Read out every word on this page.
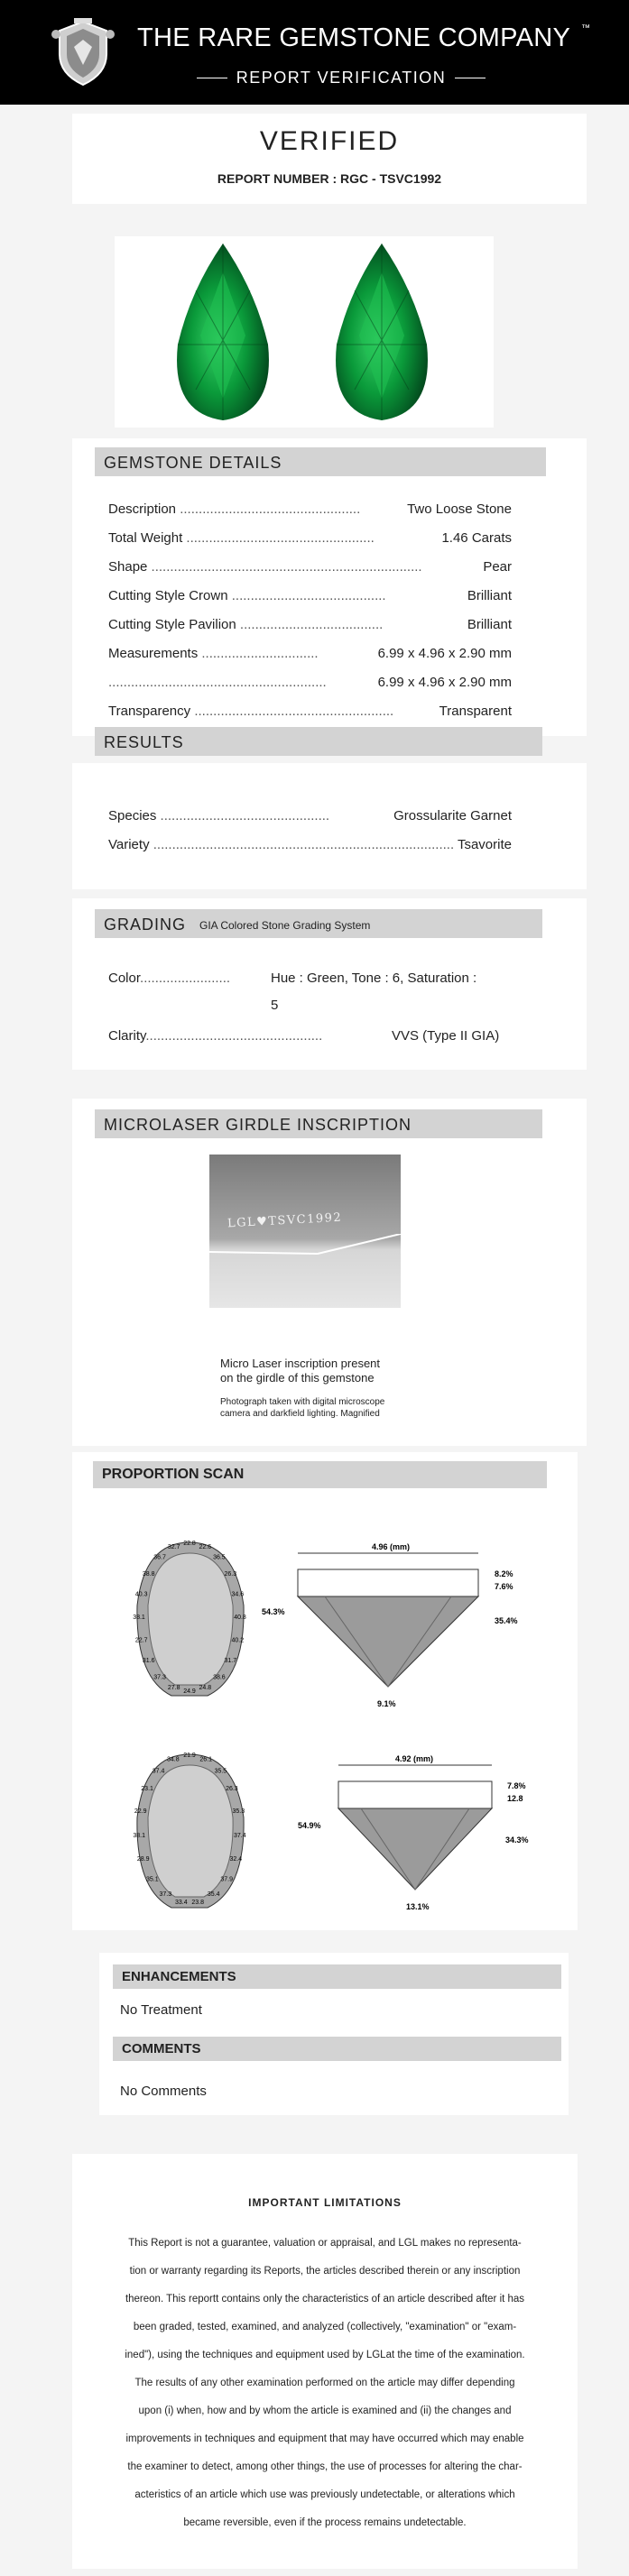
THE RARE GEMSTONE COMPANY ™
REPORT VERIFICATION
VERIFIED
REPORT NUMBER : RGC - TSVC1992
GEMSTONE DETAILS
Description ................................................	Two Loose Stone
Total Weight ..................................................	1.46 Carats
Shape ........................................................................	Pear
Cutting Style Crown .........................................	Brilliant
Cutting Style Pavilion ......................................	Brilliant
Measurements ...............................	6.99 x 4.96 x 2.90 mm
..........................................................	6.99 x 4.96 x 2.90 mm
Transparency .....................................................	Transparent
RESULTS
Species .............................................	Grossularite Garnet
Variety ................................................................................ Tsavorite
GRADING GIA Colored Stone Grading System
Color........................	Hue : Green, Tone : 6, Saturation :
5
Clarity...............................................	VVS (Type II GIA)
MICROLASER GIRDLE INSCRIPTION
LGL♥TSVC1992
Micro Laser inscription present
on the girdle of this gemstone
Photograph taken with digital microscope
camera and darkfield lighting. Magnified
PROPORTION SCAN
22.8
22.6
36.5
26.3
34.6
40.8
40.2
31.7
38.6
24.8
24.9
27.8
37.3
31.6
22.7
38.1
40.3
38.8
36.7
32.7	4.96 (mm)
54.3%
8.2%
7.6%
35.4%
9.1%
21.9
26.1
35.5
26.3
35.3
37.4
32.4
37.9
35.4
23.8
33.4
37.3
35.1
28.9
38.1
22.9
23.1
37.4
34.8	4.92 (mm)
54.9%
7.8%
12.8
34.3%
13.1%
ENHANCEMENTS
No Treatment
COMMENTS
No Comments
IMPORTANT LIMITATIONS
This Report is not a guarantee, valuation or appraisal, and LGL makes no representa-
tion or warranty regarding its Reports, the articles described therein or any inscription
thereon. This reportt contains only the characteristics of an article described after it has
been graded, tested, examined, and analyzed (collectively, "examination" or "exam-
ined"), using the techniques and equipment used by LGLat the time of the examination.
The results of any other examination performed on the article may differ depending
upon (i) when, how and by whom the article is examined and (ii) the changes and
improvements in techniques and equipment that may have occurred which may enable
the examiner to detect, among other things, the use of processes for altering the char-
acteristics of an article which use was previously undetectable, or alterations which
became reversible, even if the process remains undetectable.
